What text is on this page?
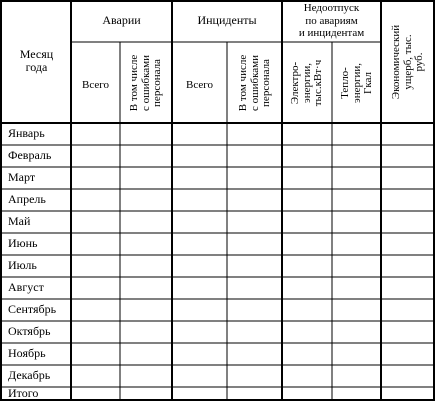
Месяц
года
Аварии	Инциденты
Недоотпуск
по авариям
и инцидентам
Всего	Всего
В том числе
с ошибками
персонала
В том числе
с ошибками
персонала Электро-
энергии,
тыс.кВт·ч Тепло-
энергии,
Гкал Экономический
ущерб, тыс. руб.
Январь
Февраль
Март
Апрель
Май
Июнь
Июль
Август
Сентябрь
Октябрь
Ноябрь
Декабрь
Итого
